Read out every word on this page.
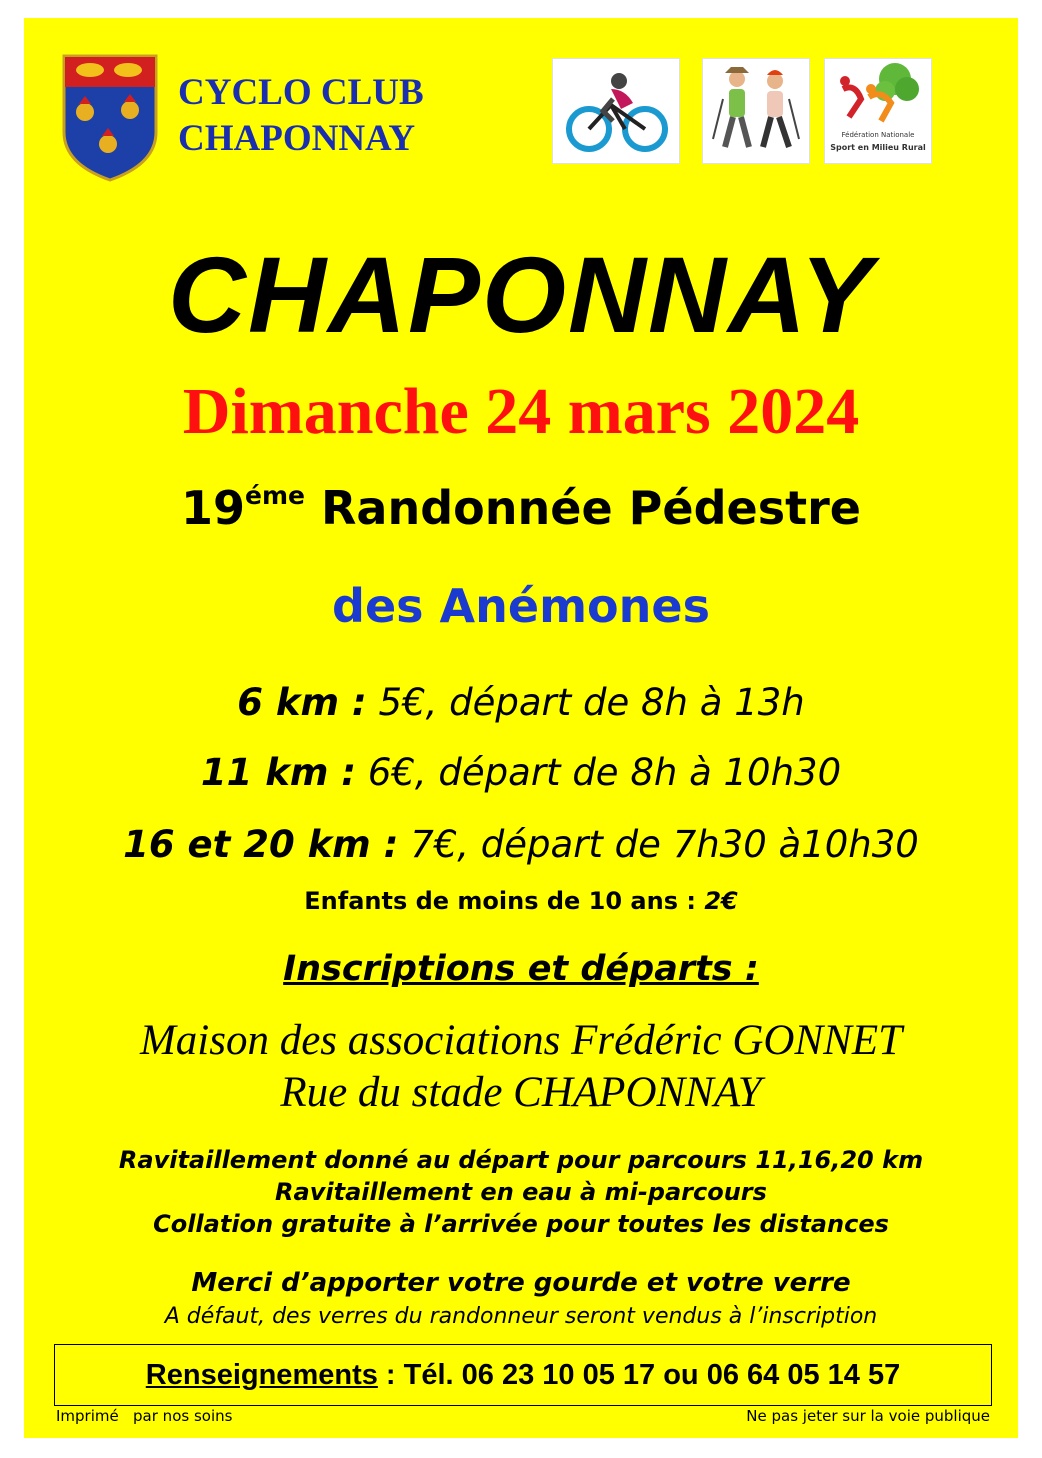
CYCLO CLUB
CHAPONNAY	Fédération Nationale
Sport en Milieu Rural
CHAPONNAY
Dimanche 24 mars 2024
$19^{éme}$ Randonnée Pédestre
des Anémones
6 km : 5€, départ de 8h à 13h
11 km : 6€, départ de 8h à 10h30
16 et 20 km : 7€, départ de 7h30 à10h30
Enfants de moins de 10 ans : 2€
Inscriptions et départs :
Maison des associations Frédéric GONNET
Rue du stade CHAPONNAY
Ravitaillement donné au départ pour parcours 11,16,20 km
Ravitaillement en eau à mi-parcours
Collation gratuite à l’arrivée pour toutes les distances
Merci d’apporter votre gourde et votre verre
A défaut, des verres du randonneur seront vendus à l’inscription
Renseignements : Tél. 06 23 10 05 17 ou 06 64 05 14 57
Imprimé   par nos soins	Ne pas jeter sur la voie publique
